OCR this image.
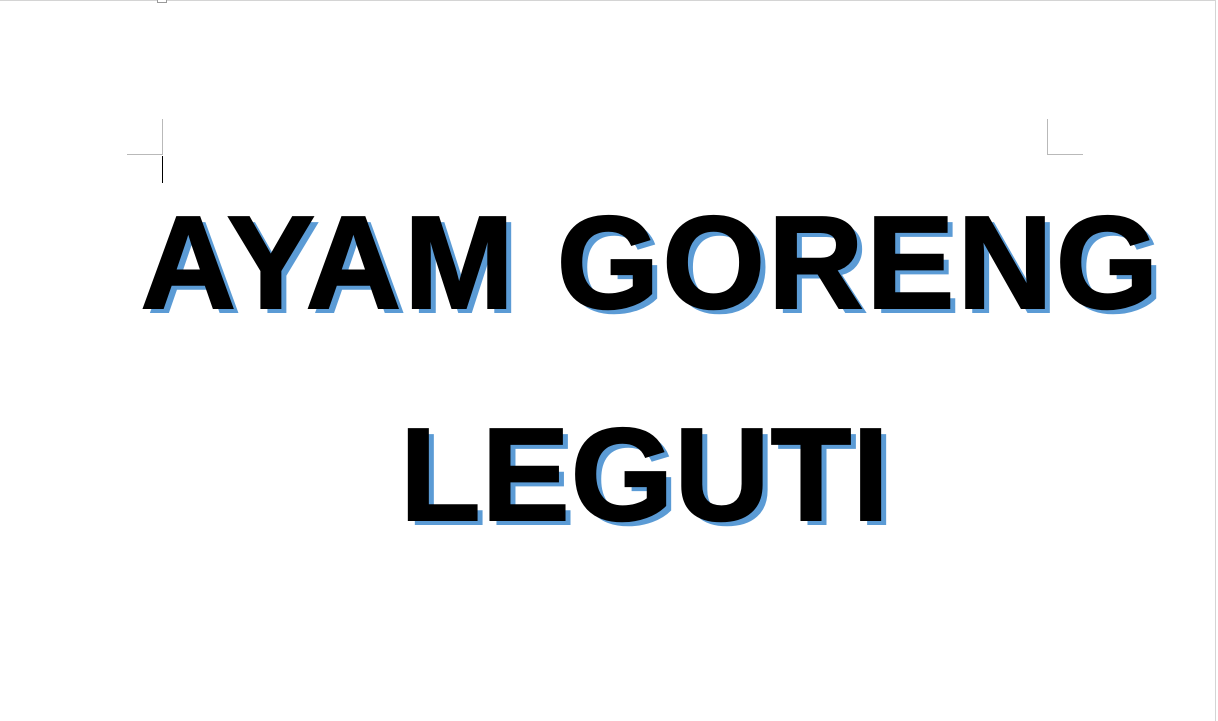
AYAM GORENG
LEGUTI
